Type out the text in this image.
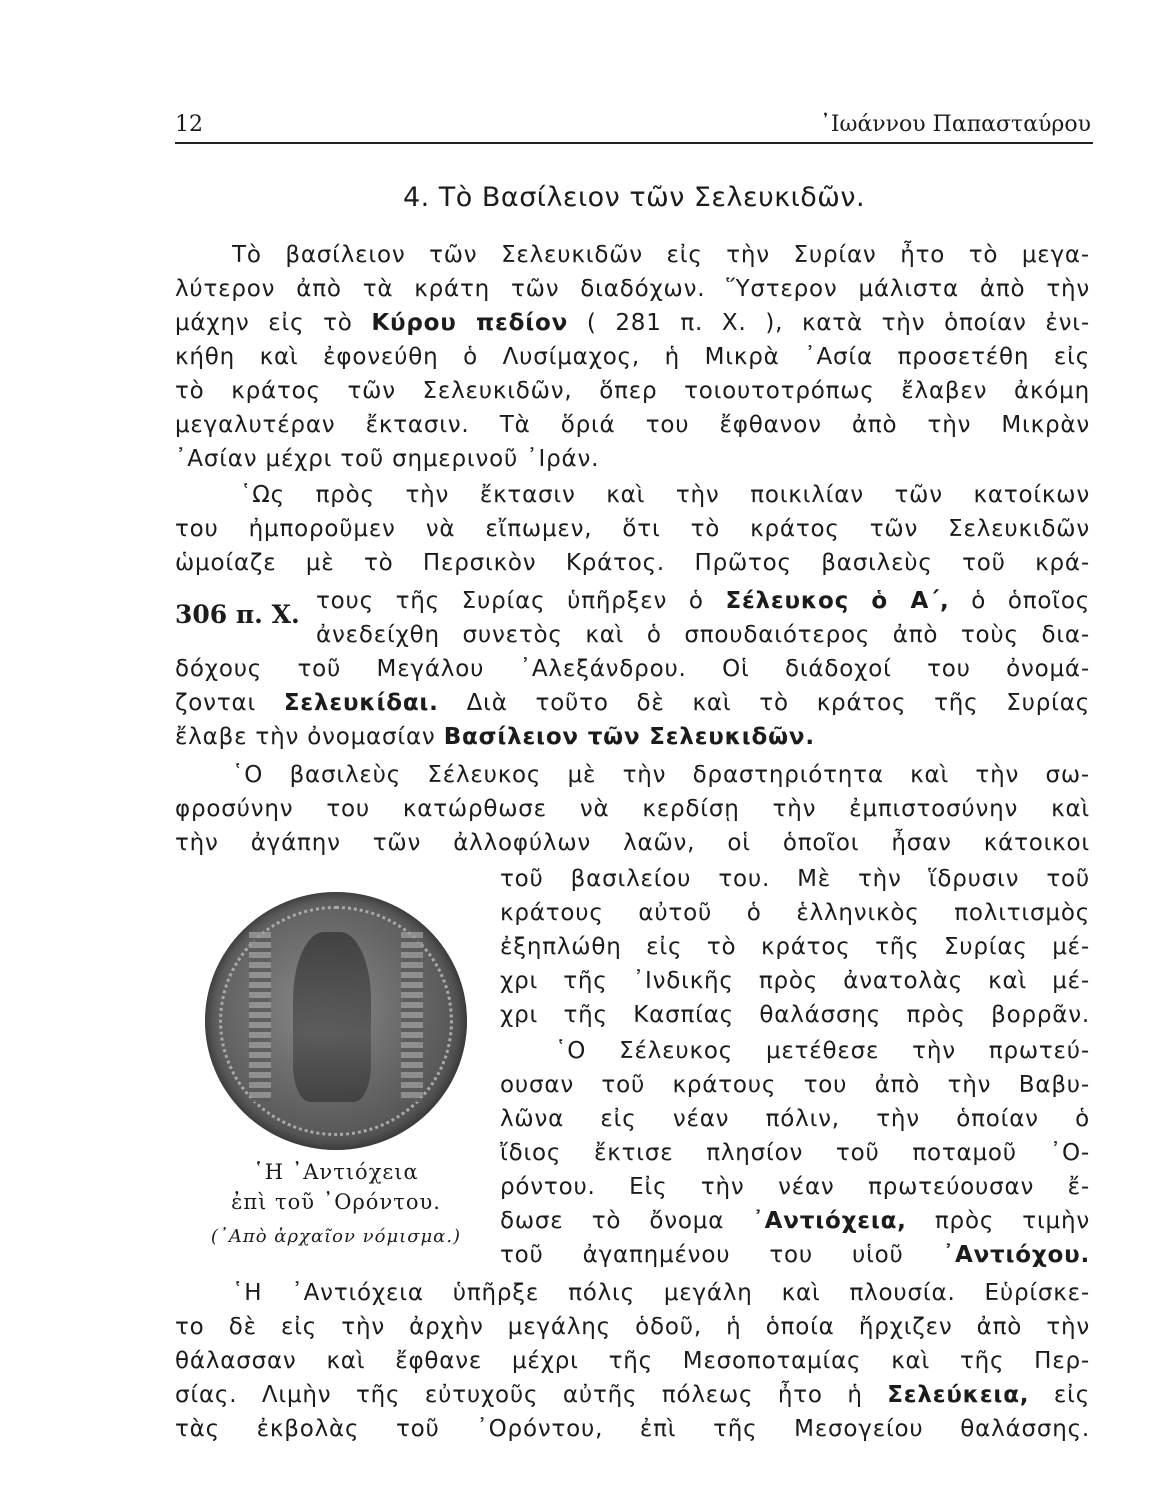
12	᾿Ιωάννου Παπασταύρου
4. Τὸ Βασίλειον τῶν Σελευκιδῶν.

Τὸ βασίλειον τῶν Σελευκιδῶν εἰς τὴν Συρίαν ἦτο τὸ μεγα-

λύτερον ἀπὸ τὰ κράτη τῶν διαδόχων. Ὕστερον μάλιστα ἀπὸ τὴν

μάχην εἰς τὸ Κύρου πεδίον ( 281 π. Χ. ), κατὰ τὴν ὁποίαν ἐνι-

κήθη καὶ ἐφονεύθη ὁ Λυσίμαχος, ἡ Μικρὰ ᾿Ασία προσετέθη εἰς

τὸ κράτος τῶν Σελευκιδῶν, ὅπερ τοιουτοτρόπως ἔλαβεν ἀκόμη

μεγαλυτέραν ἔκτασιν. Τὰ ὅριά του ἔφθανον ἀπὸ τὴν Μικρὰν

᾿Ασίαν μέχρι τοῦ σημερινοῦ ᾿Ιράν.

῾Ως πρὸς τὴν ἔκτασιν καὶ τὴν ποικιλίαν τῶν κατοίκων

του ἠμποροῦμεν νὰ εἴπωμεν, ὅτι τὸ κράτος τῶν Σελευκιδῶν

ὡμοίαζε μὲ τὸ Περσικὸν Κράτος. Πρῶτος βασιλεὺς τοῦ κρά-

306 π. Χ. τους τῆς Συρίας ὑπῆρξεν ὁ Σέλευκος ὁ Α΄, ὁ ὁποῖος

ἀνεδείχθη συνετὸς καὶ ὁ σπουδαιότερος ἀπὸ τοὺς δια-

δόχους τοῦ Μεγάλου ᾿Αλεξάνδρου. Οἱ διάδοχοί του ὀνομά-

ζονται Σελευκίδαι. Διὰ τοῦτο δὲ καὶ τὸ κράτος τῆς Συρίας

ἔλαβε τὴν ὀνομασίαν Βασίλειον τῶν Σελευκιδῶν.

῾Ο βασιλεὺς Σέλευκος μὲ τὴν δραστηριότητα καὶ τὴν σω-

φροσύνην του κατώρθωσε νὰ κερδίσῃ τὴν ἐμπιστοσύνην καὶ

τὴν ἀγάπην τῶν ἀλλοφύλων λαῶν, οἱ ὁποῖοι ἦσαν κάτοικοι

τοῦ βασιλείου του. Μὲ τὴν ἵδρυσιν τοῦ

κράτους αὐτοῦ ὁ ἑλληνικὸς πολιτισμὸς

ἐξηπλώθη εἰς τὸ κράτος τῆς Συρίας μέ-

χρι τῆς ᾿Ινδικῆς πρὸς ἀνατολὰς καὶ μέ-

χρι τῆς Κασπίας θαλάσσης πρὸς βορρᾶν.

῾Ο Σέλευκος μετέθεσε τὴν πρωτεύ-

ουσαν τοῦ κράτους του ἀπὸ τὴν Βαβυ-

λῶνα εἰς νέαν πόλιν, τὴν ὁποίαν ὁ

ἴδιος ἔκτισε πλησίον τοῦ ποταμοῦ ᾿Ο-

ρόντου. Εἰς τὴν νέαν πρωτεύουσαν ἔ-

δωσε τὸ ὄνομα ᾿Αντιόχεια, πρὸς τιμὴν

τοῦ ἀγαπημένου του υἱοῦ ᾿Αντιόχου.

῾Η ᾿Αντιόχεια ὑπῆρξε πόλις μεγάλη καὶ πλουσία. Εὑρίσκε-

το δὲ εἰς τὴν ἀρχὴν μεγάλης ὁδοῦ, ἡ ὁποία ἤρχιζεν ἀπὸ τὴν

θάλασσαν καὶ ἔφθανε μέχρι τῆς Μεσοποταμίας καὶ τῆς Περ-

σίας. Λιμὴν τῆς εὐτυχοῦς αὐτῆς πόλεως ἦτο ἡ Σελεύκεια, εἰς

τὰς ἐκβολὰς τοῦ ᾿Ορόντου, ἐπὶ τῆς Μεσογείου θαλάσσης.

῾Η ᾿Αντιόχεια
ἐπὶ τοῦ ᾿Ορόντου.
(᾿Απὸ ἀρχαῖον νόμισμα.)
